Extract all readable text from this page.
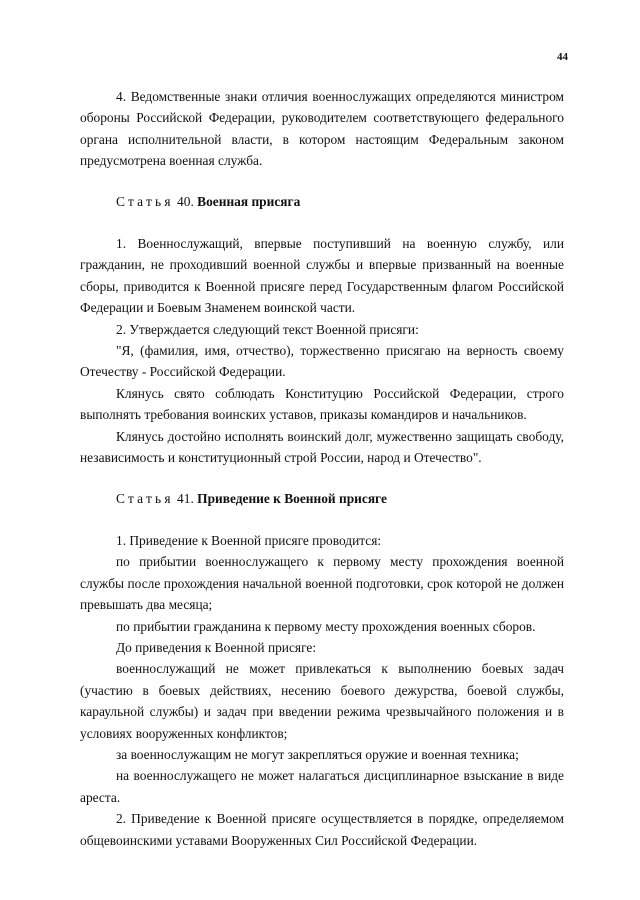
44

4. Ведомственные знаки отличия военнослужащих определяются министром обороны Российской Федерации, руководителем соответствующего федерального органа исполнительной власти, в котором настоящим Федеральным законом предусмотрена военная служба.

Статья 40. Военная присяга

1. Военнослужащий, впервые поступивший на военную службу, или гражданин, не проходивший военной службы и впервые призванный на военные сборы, приводится к Военной присяге перед Государственным флагом Российской Федерации и Боевым Знаменем воинской части.

2. Утверждается следующий текст Военной присяги:

"Я, (фамилия, имя, отчество), торжественно присягаю на верность своему Отечеству - Российской Федерации.

Клянусь свято соблюдать Конституцию Российской Федерации, строго выполнять требования воинских уставов, приказы командиров и начальников.

Клянусь достойно исполнять воинский долг, мужественно защищать свободу, независимость и конституционный строй России, народ и Отечество".

Статья 41. Приведение к Военной присяге

1. Приведение к Военной присяге проводится:

по прибытии военнослужащего к первому месту прохождения военной службы после прохождения начальной военной подготовки, срок которой не должен превышать два месяца;

по прибытии гражданина к первому месту прохождения военных сборов.

До приведения к Военной присяге:

военнослужащий не может привлекаться к выполнению боевых задач (участию в боевых действиях, несению боевого дежурства, боевой службы, караульной службы) и задач при введении режима чрезвычайного положения и в условиях вооруженных конфликтов;

за военнослужащим не могут закрепляться оружие и военная техника;

на военнослужащего не может налагаться дисциплинарное взыскание в виде ареста.

2. Приведение к Военной присяге осуществляется в порядке, определяемом общевоинскими уставами Вооруженных Сил Российской Федерации.
